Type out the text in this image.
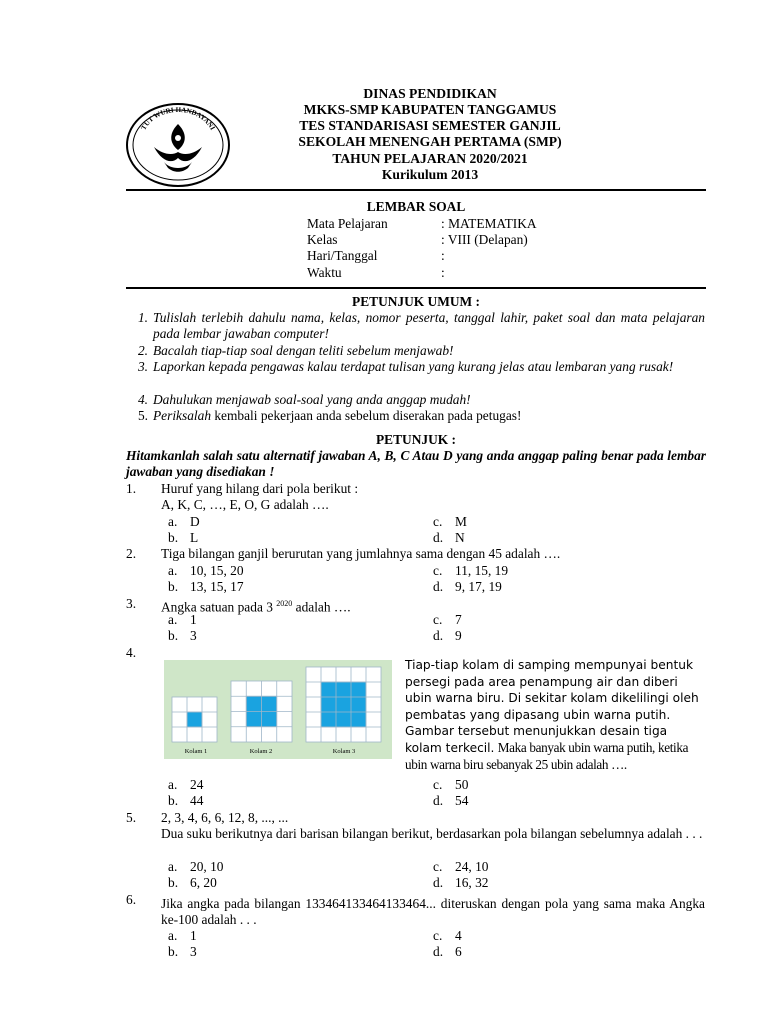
TUT WURI HANDAYANI
DINAS PENDIDIKAN
MKKS-SMP KABUPATEN TANGGAMUS
TES STANDARISASI SEMESTER GANJIL
SEKOLAH MENENGAH PERTAMA (SMP)
TAHUN PELAJARAN 2020/2021
Kurikulum 2013
LEMBAR SOAL
Mata Pelajaran	: MATEMATIKA
Kelas	: VIII (Delapan)
Hari/Tanggal	:
Waktu	:
PETUNJUK UMUM :
1. Tulislah terlebih dahulu nama, kelas, nomor peserta, tanggal lahir, paket soal dan mata pelajaran pada lembar jawaban computer!
2. Bacalah tiap-tiap soal dengan teliti sebelum menjawab!
3. Laporkan kepada pengawas kalau terdapat tulisan yang kurang jelas atau lembaran yang rusak!
4. Dahulukan menjawab soal-soal yang anda anggap mudah!
5. Periksalah kembali pekerjaan anda sebelum diserakan pada petugas!
PETUNJUK :
Hitamkanlah salah satu alternatif jawaban A, B, C Atau D yang anda anggap paling benar pada lembar jawaban yang disediakan !
1. Huruf yang hilang dari pola berikut :
A, K, C, …, E, O, G adalah ….
a. D
b. L
c. M
d. N
2. Tiga bilangan ganjil berurutan yang jumlahnya sama dengan 45 adalah ….
a. 10, 15, 20
b. 13, 15, 17
c. 11, 15, 19
d. 9, 17, 19
3. Angka satuan pada 3 $^{2020}$ adalah ….
a. 1
b. 3
c. 7
d. 9
4.
Kolam 1	Kolam 2	Kolam 3
Tiap-tiap kolam di samping mempunyai bentuk persegi pada area penampung air dan diberi ubin warna biru. Di sekitar kolam dikelilingi oleh pembatas yang dipasang ubin warna putih. Gambar tersebut menunjukkan desain tiga kolam terkecil. Maka banyak ubin warna putih, ketika ubin warna biru sebanyak 25 ubin adalah ….
a. 24
b. 44
c. 50
d. 54
5. 2, 3, 4, 6, 6, 12, 8, ..., ...
Dua suku berikutnya dari barisan bilangan berikut, berdasarkan pola bilangan sebelumnya adalah . . .
a. 20, 10
b. 6, 20
c. 24, 10
d. 16, 32
6. Jika angka pada bilangan 133464133464133464... diteruskan dengan pola yang sama maka Angka ke-100 adalah . . .
a. 1
b. 3
c. 4
d. 6
